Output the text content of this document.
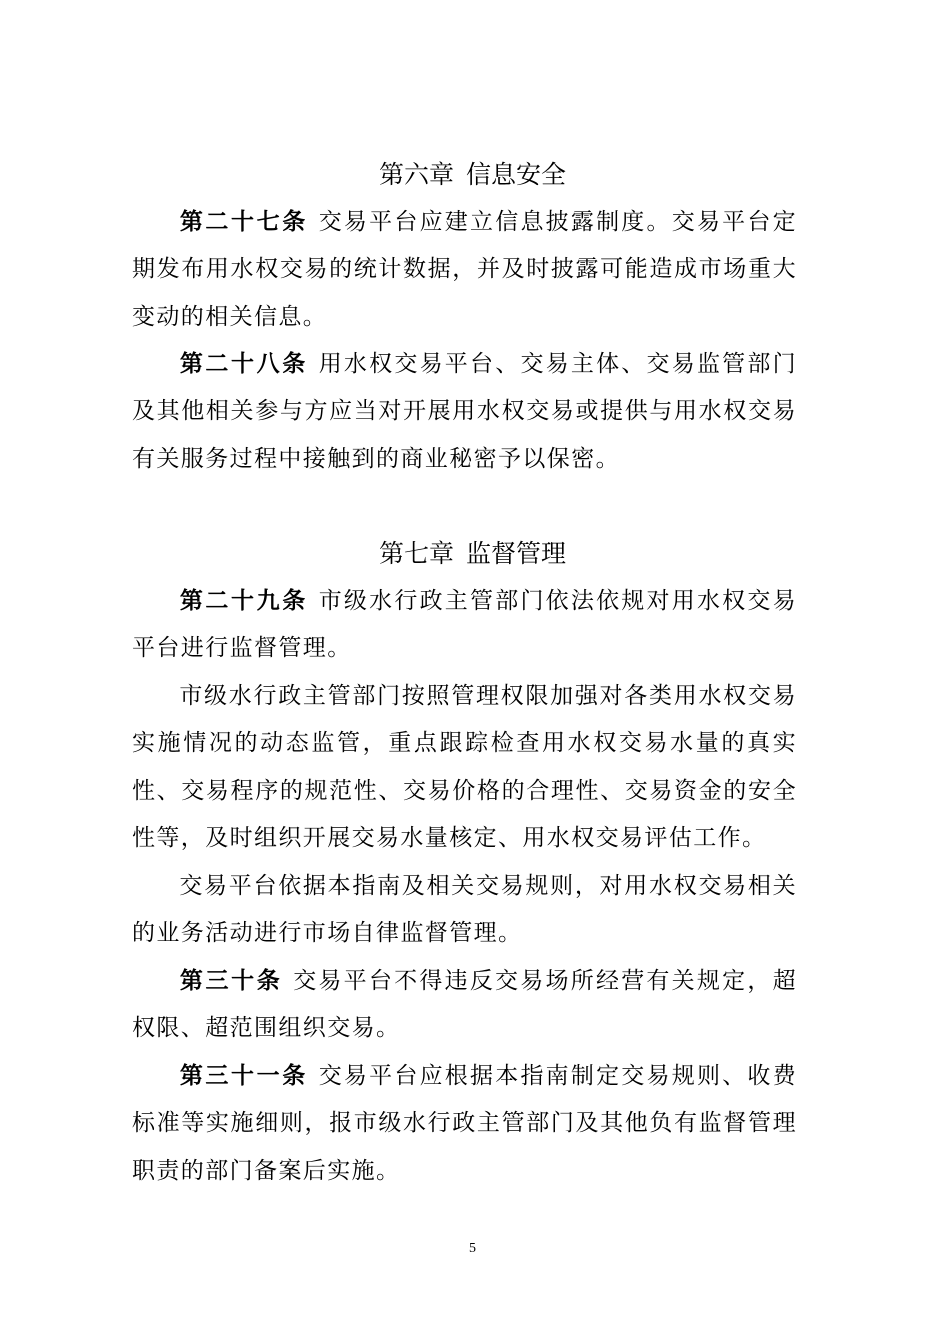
第六章 信息安全

第二十七条 交易平台应建立信息披露制度。交易平台定期发布用水权交易的统计数据，并及时披露可能造成市场重大变动的相关信息。

第二十八条 用水权交易平台、交易主体、交易监管部门及其他相关参与方应当对开展用水权交易或提供与用水权交易有关服务过程中接触到的商业秘密予以保密。

第七章 监督管理

第二十九条 市级水行政主管部门依法依规对用水权交易平台进行监督管理。

市级水行政主管部门按照管理权限加强对各类用水权交易实施情况的动态监管，重点跟踪检查用水权交易水量的真实性、交易程序的规范性、交易价格的合理性、交易资金的安全性等，及时组织开展交易水量核定、用水权交易评估工作。

交易平台依据本指南及相关交易规则，对用水权交易相关的业务活动进行市场自律监督管理。

第三十条 交易平台不得违反交易场所经营有关规定，超权限、超范围组织交易。

第三十一条 交易平台应根据本指南制定交易规则、收费标准等实施细则，报市级水行政主管部门及其他负有监督管理职责的部门备案后实施。

5
